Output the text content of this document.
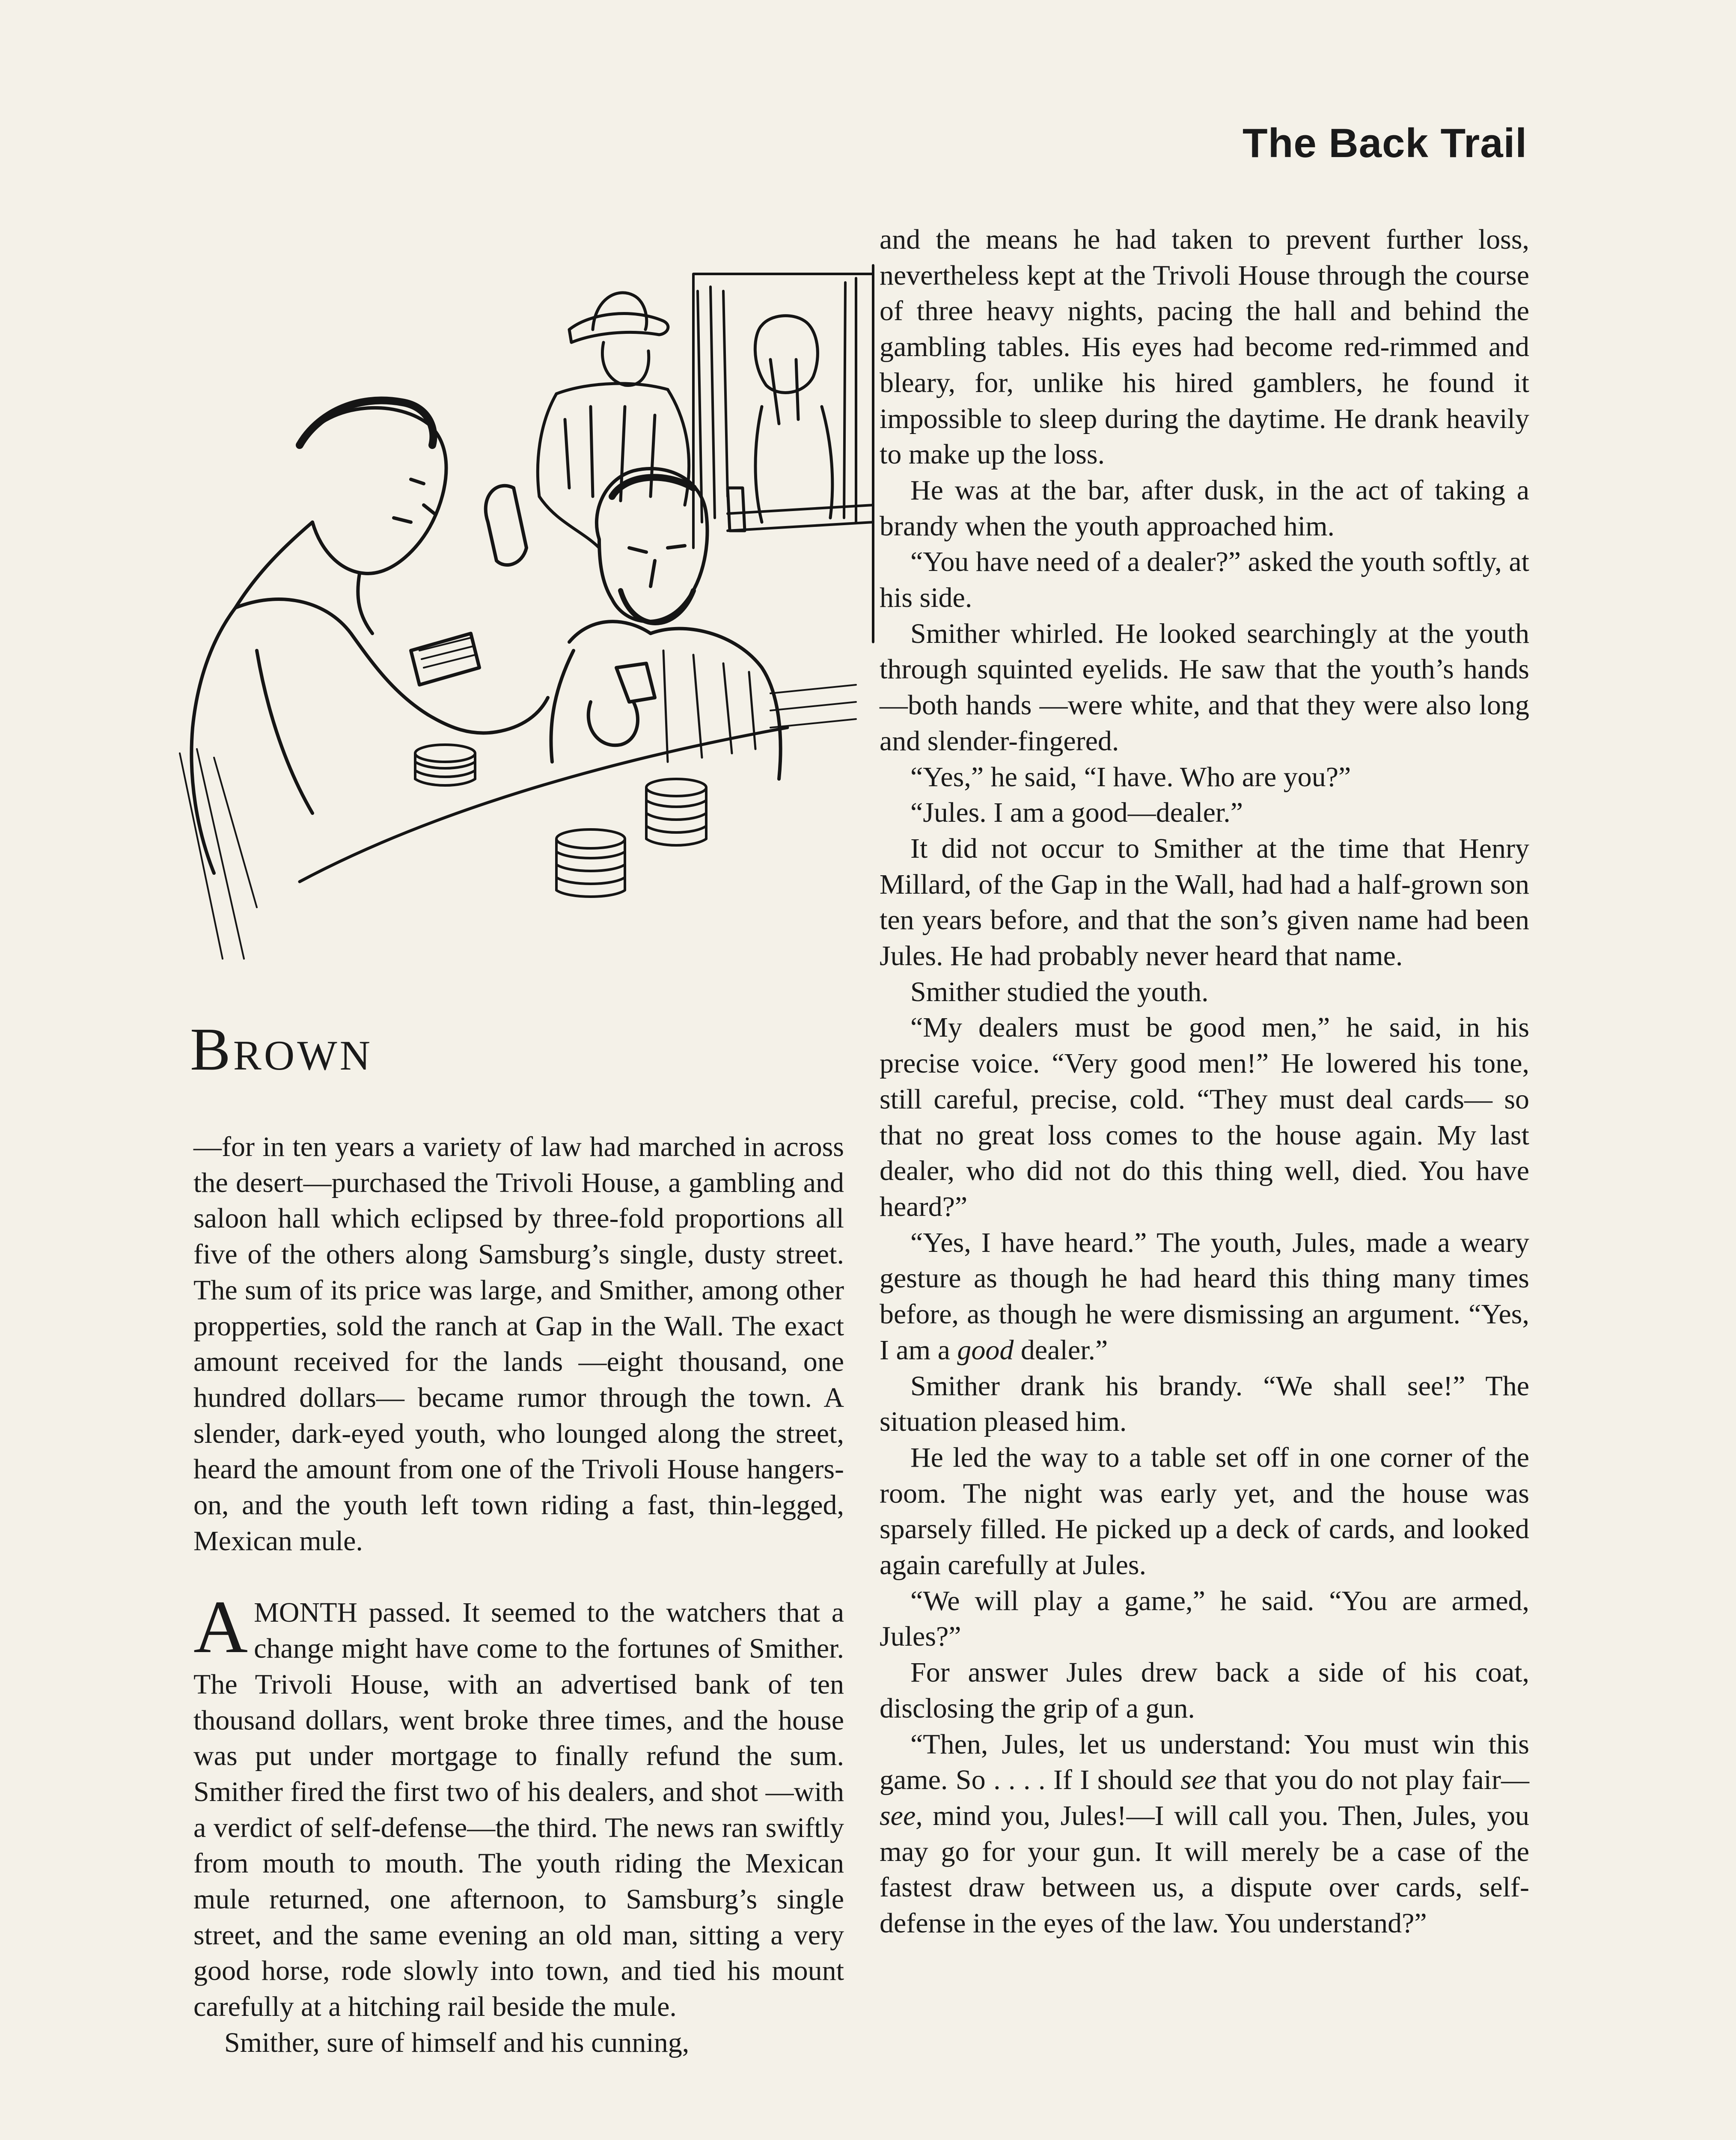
The Back Trail
Brown

—for in ten years a variety of law had marched in across the desert—purchased the Trivoli House, a gambling and saloon hall which eclipsed by three-fold proportions all five of the others along Samsburg’s single, dusty street. The sum of its price was large, and Smither, among other propperties, sold the ranch at Gap in the Wall. The exact amount received for the lands —eight thousand, one hundred dollars— became rumor through the town. A slender, dark-eyed youth, who lounged along the street, heard the amount from one of the Trivoli House hangers-on, and the youth left town riding a fast, thin-legged, Mexican mule.

AMONTH passed. It seemed to the watchers that a change might have come to the fortunes of Smither. The Trivoli House, with an advertised bank of ten thousand dollars, went broke three times, and the house was put under mortgage to finally refund the sum. Smither fired the first two of his dealers, and shot —with a verdict of self-defense—the third. The news ran swiftly from mouth to mouth. The youth riding the Mexican mule returned, one afternoon, to Samsburg’s single street, and the same evening an old man, sitting a very good horse, rode slowly into town, and tied his mount carefully at a hitching rail beside the mule.

Smither, sure of himself and his cunning,

and the means he had taken to prevent further loss, nevertheless kept at the Trivoli House through the course of three heavy nights, pacing the hall and behind the gambling tables. His eyes had become red-rimmed and bleary, for, unlike his hired gamblers, he found it impossible to sleep during the daytime. He drank heavily to make up the loss.

He was at the bar, after dusk, in the act of taking a brandy when the youth approached him.

“You have need of a dealer?” asked the youth softly, at his side.

Smither whirled. He looked searchingly at the youth through squinted eyelids. He saw that the youth’s hands—both hands —were white, and that they were also long and slender-fingered.

“Yes,” he said, “I have. Who are you?”

“Jules. I am a good—dealer.”

It did not occur to Smither at the time that Henry Millard, of the Gap in the Wall, had had a half-grown son ten years before, and that the son’s given name had been Jules. He had probably never heard that name.

Smither studied the youth.

“My dealers must be good men,” he said, in his precise voice. “Very good men!” He lowered his tone, still careful, precise, cold. “They must deal cards— so that no great loss comes to the house again. My last dealer, who did not do this thing well, died. You have heard?”

“Yes, I have heard.” The youth, Jules, made a weary gesture as though he had heard this thing many times before, as though he were dismissing an argument. “Yes, I am a good dealer.”

Smither drank his brandy. “We shall see!” The situation pleased him.

He led the way to a table set off in one corner of the room. The night was early yet, and the house was sparsely filled. He picked up a deck of cards, and looked again carefully at Jules.

“We will play a game,” he said. “You are armed, Jules?”

For answer Jules drew back a side of his coat, disclosing the grip of a gun.

“Then, Jules, let us understand: You must win this game. So . . . . If I should see that you do not play fair—see, mind you, Jules!—I will call you. Then, Jules, you may go for your gun. It will merely be a case of the fastest draw between us, a dispute over cards, self-defense in the eyes of the law. You understand?”
